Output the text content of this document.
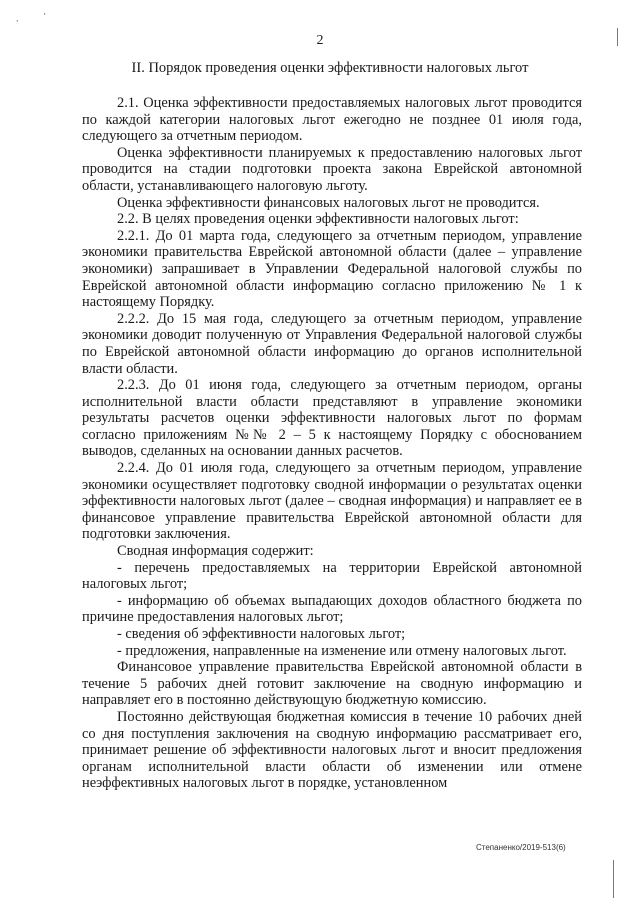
,	'
2
II. Порядок проведения оценки эффективности налоговых льгот

2.1. Оценка эффективности предоставляемых налоговых льгот проводится по каждой категории налоговых льгот ежегодно не позднее 01 июля года, следующего за отчетным периодом.

Оценка эффективности планируемых к предоставлению налоговых льгот проводится на стадии подготовки проекта закона Еврейской автономной области, устанавливающего налоговую льготу.

Оценка эффективности финансовых налоговых льгот не проводится.

2.2. В целях проведения оценки эффективности налоговых льгот:

2.2.1. До 01 марта года, следующего за отчетным периодом, управление экономики правительства Еврейской автономной области (далее – управление экономики) запрашивает в Управлении Федеральной налоговой службы по Еврейской автономной области информацию согласно приложению № 1 к настоящему Порядку.

2.2.2. До 15 мая года, следующего за отчетным периодом, управление экономики доводит полученную от Управления Федеральной налоговой службы по Еврейской автономной области информацию до органов исполнительной власти области.

2.2.3. До 01 июня года, следующего за отчетным периодом, органы исполнительной власти области представляют в управление экономики результаты расчетов оценки эффективности налоговых льгот по формам согласно приложениям №№ 2 – 5 к настоящему Порядку с обоснованием выводов, сделанных на основании данных расчетов.

2.2.4. До 01 июля года, следующего за отчетным периодом, управление экономики осуществляет подготовку сводной информации о результатах оценки эффективности налоговых льгот (далее – сводная информация) и направляет ее в финансовое управление правительства Еврейской автономной области для подготовки заключения.

Сводная информация содержит:

- перечень предоставляемых на территории Еврейской автономной налоговых льгот;

- информацию об объемах выпадающих доходов областного бюджета по причине предоставления налоговых льгот;

- сведения об эффективности налоговых льгот;

- предложения, направленные на изменение или отмену налоговых льгот.

Финансовое управление правительства Еврейской автономной области в течение 5 рабочих дней готовит заключение на сводную информацию и направляет его в постоянно действующую бюджетную комиссию.

Постоянно действующая бюджетная комиссия в течение 10 рабочих дней со дня поступления заключения на сводную информацию рассматривает его, принимает решение об эффективности налоговых льгот и вносит предложения органам исполнительной власти области об изменении или отмене неэффективных налоговых льгот в порядке, установленном

Степаненко/2019-513(6)
